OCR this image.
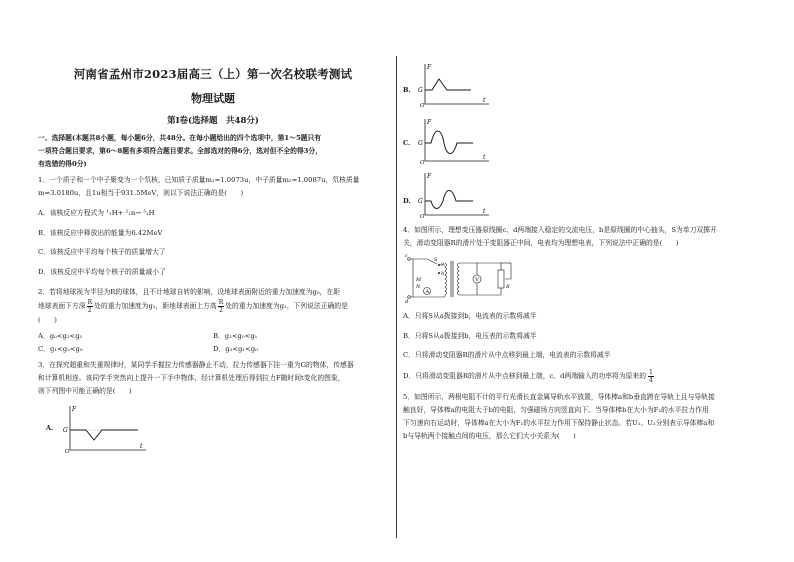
河南省孟州市2023届高三（上）第一次名校联考测试
物理试题
第Ⅰ卷(选择题　共48分)

一、选择题(本题共8小题，每小题6分，共48分。在每小题给出的四个选项中，第1～5题只有

一项符合题目要求，第6～8题有多项符合题目要求。全部选对的得6分，选对但不全的得3分，

有选错的得0分)

1．一个质子和一个中子聚变为一个氘核，已知质子质量m₁=1.0073u，中子质量m₂=1.0087u，氘核质量

m=3.0180u，且1u相当于931.5MeV，则以下说法正确的是(　　)

A．该核反应方程式为 ¹₁H+ ²₁n→ ³₁H

B．该核反应中释放出的能量为6.42MeV

C．该核反应中平均每个核子的质量增大了

D．该核反应中平均每个核子的质量减小了

2．若将地球视为半径为R的球体，且不计地球自转的影响，设地球表面附近的重力加速度为g₀，在距

地球表面下方深 $\frac{R}{2}$ 处的重力加速度为g₁，距地球表面上方高 $\frac{R}{2}$ 处的重力加速度为g₂，下列说法正确的是

(　　)

A．g₀<g₂<g₁	B．g₂<g₀<g₁
C．g₁<g₂<g₀	D．g₂<g₁<g₀

3．在探究超重和失重规律时，某同学手握拉力传感器静止不动，拉力传感器下挂一重为G的物体，传感器

和计算机相连。该同学手突然向上提升一下手中物体，经计算机处理后得到拉力F随时间t变化的图象，

则下列图中可能正确的是(　　)

A.
F
G
O
t
B.
F
G
O
t
C.
F
G
O
t
D.
F
G
O
t

4．如图所示，理想变压器原线圈c、d两端接入稳定的交流电压，b是原线圈的中心抽头，S为单刀双掷开

关，滑动变阻器R的滑片处于变阻器正中间，电表均为理想电表，下列说法中正确的是(　　)

c
d
S
a
b
M
N
A
V
R

A．只将S从a拨接到b，电流表的示数将减半

B．只将S从a拨接到b，电压表的示数将减半

C．只将滑动变阻器R的滑片从中点移到最上端，电流表的示数将减半

D．只将滑动变阻器R的滑片从中点移到最上端，c、d两端输入的功率将为原来的 $\frac{1}{4}$

5．如图所示，两根电阻不计的平行光滑长直金属导轨水平放置，导体棒a和b垂直跨在导轨上且与导轨接

触良好，导体棒a的电阻大于b的电阻，匀强磁场方向竖直向下。当导体棒b在大小为F₂的水平拉力作用

下匀速向右运动时，导体棒a在大小为F₁的水平拉力作用下保持静止状态。若U₁、U₂分别表示导体棒a和

b与导轨两个接触点间的电压，那么它们大小关系为(　　)
